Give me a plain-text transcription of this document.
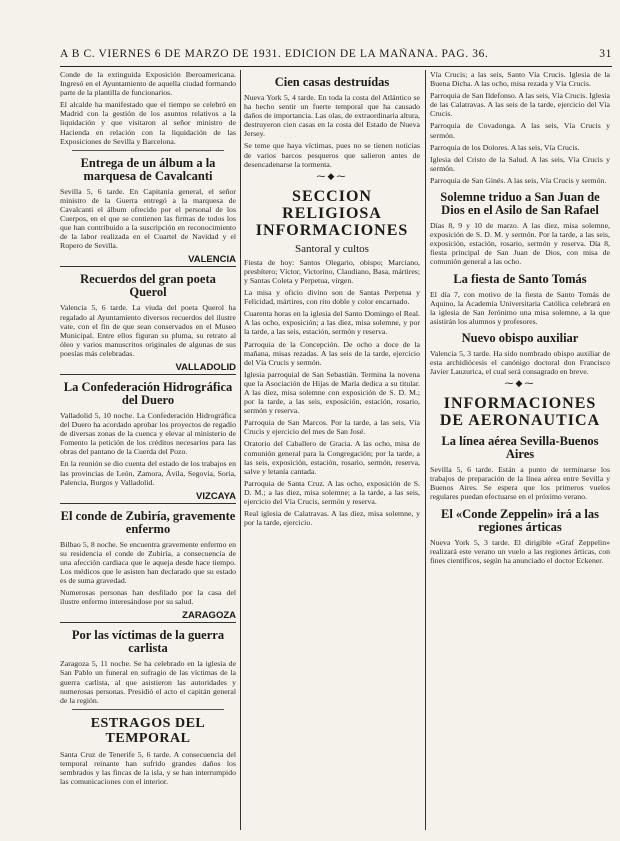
A B C. VIERNES 6 DE MARZO DE 1931. EDICION DE LA MAÑANA. PAG. 36.	31

Conde de la extinguida Exposición Iberoamericana. Ingresó en el Ayuntamiento de aquella ciudad formando parte de la plantilla de funcionarios.

El alcalde ha manifestado que el tiempo se celebró en Madrid con la gestión de los asuntos relativos a la liquidación y que visitaron al señor ministro de Hacienda en relación con la liquidación de las Exposiciones de Sevilla y Barcelona.

Entrega de un álbum a la marquesa de Cavalcanti

Sevilla 5, 6 tarde. En Capitanía general, el señor ministro de la Guerra entregó a la marquesa de Cavalcanti el álbum ofrecido por el personal de los Cuerpos, en el que se contienen las firmas de todos los que han contribuido a la suscripción en reconocimiento de la labor realizada en el Cuartel de Navidad y el Ropero de Sevilla.

VALENCIA
Recuerdos del gran poeta Querol

Valencia 5, 6 tarde. La viuda del poeta Querol ha regalado al Ayuntamiento diversos recuerdos del ilustre vate, con el fin de que sean conservados en el Museo Municipal. Entre ellos figuran su pluma, su retrato al óleo y varios manuscritos originales de algunas de sus poesías más celebradas.

VALLADOLID
La Confederación Hidrográfica del Duero

Valladolid 5, 10 noche. La Confederación Hidrográfica del Duero ha acordado aprobar los proyectos de regadío de diversas zonas de la cuenca y elevar al ministerio de Fomento la petición de los créditos necesarios para las obras del pantano de la Cuerda del Pozo.

En la reunión se dio cuenta del estado de los trabajos en las provincias de León, Zamora, Ávila, Segovia, Soria, Palencia, Burgos y Valladolid.

VIZCAYA
El conde de Zubiría, gravemente enfermo

Bilbao 5, 8 noche. Se encuentra gravemente enfermo en su residencia el conde de Zubiría, a consecuencia de una afección cardiaca que le aqueja desde hace tiempo. Los médicos que le asisten han declarado que su estado es de suma gravedad.

Numerosas personas han desfilado por la casa del ilustre enfermo interesándose por su salud.

ZARAGOZA
Por las víctimas de la guerra carlista

Zaragoza 5, 11 noche. Se ha celebrado en la iglesia de San Pablo un funeral en sufragio de las víctimas de la guerra carlista, al que asistieron las autoridades y numerosas personas. Presidió el acto el capitán general de la región.

ESTRAGOS DEL TEMPORAL

Santa Cruz de Tenerife 5, 6 tarde. A consecuencia del temporal reinante han sufrido grandes daños los sembrados y las fincas de la isla, y se han interrumpido las comunicaciones con el interior.

Cien casas destruídas

Nueva York 5, 4 tarde. En toda la costa del Atlántico se ha hecho sentir un fuerte temporal que ha causado daños de importancia. Las olas, de extraordinaria altura, destruyeron cien casas en la costa del Estado de Nueva Jersey.

Se teme que haya víctimas, pues no se tienen noticias de varios barcos pesqueros que salieron antes de desencadenarse la tormenta.

⁓◆⁓
SECCION RELIGIOSA INFORMACIONES
Santoral y cultos

Fiesta de hoy: Santos Olegario, obispo; Marciano, presbítero; Víctor, Victorino, Claudiano, Basa, mártires; y Santas Coleta y Perpetua, virgen.

La misa y oficio divino son de Santas Perpetua y Felicidad, mártires, con rito doble y color encarnado.

Cuarenta horas en la iglesia del Santo Domingo el Real. A las ocho, exposición; a las diez, misa solemne, y por la tarde, a las seis, estación, sermón y reserva.

Parroquia de la Concepción. De ocho a doce de la mañana, misas rezadas. A las seis de la tarde, ejercicio del Vía Crucis y sermón.

Iglesia parroquial de San Sebastián. Termina la novena que la Asociación de Hijas de María dedica a su titular. A las diez, misa solemne con exposición de S. D. M.; por la tarde, a las seis, exposición, estación, rosario, sermón y reserva.

Parroquia de San Marcos. Por la tarde, a las seis, Vía Crucis y ejercicio del mes de San José.

Oratorio del Caballero de Gracia. A las ocho, misa de comunión general para la Congregación; por la tarde, a las seis, exposición, estación, rosario, sermón, reserva, salve y letanía cantada.

Parroquia de Santa Cruz. A las ocho, exposición de S. D. M.; a las diez, misa solemne; a la tarde, a las seis, ejercicio del Vía Crucis, sermón y reserva.

Real iglesia de Calatravas. A las diez, misa solemne, y por la tarde, ejercicio.

Vía Crucis; a las seis, Santo Vía Crucis. Iglesia de la Buena Dicha. A las ocho, misa rezada y Vía Crucis.

Parroquia de San Ildefonso. A las seis, Vía Crucis. Iglesia de las Calatravas. A las seis de la tarde, ejercicio del Vía Crucis.

Parroquia de Covadonga. A las seis, Vía Crucis y sermón.

Parroquia de los Dolores. A las seis, Vía Crucis.

Iglesia del Cristo de la Salud. A las seis, Vía Crucis y sermón.

Parroquia de San Ginés. A las seis, Vía Crucis y sermón.

Solemne triduo a San Juan de Dios en el Asilo de San Rafael

Días 8, 9 y 10 de marzo. A las diez, misa solemne, exposición de S. D. M. y sermón. Por la tarde, a las seis, exposición, estación, rosario, sermón y reserva. Día 8, fiesta principal de San Juan de Dios, con misa de comunión general a las ocho.

La fiesta de Santo Tomás

El día 7, con motivo de la fiesta de Santo Tomás de Aquino, la Academia Universitaria Católica celebrará en la iglesia de San Jerónimo una misa solemne, a la que asistirán los alumnos y profesores.

Nuevo obispo auxiliar

Valencia 5, 3 tarde. Ha sido nombrado obispo auxiliar de esta archidiócesis el canónigo doctoral don Francisco Javier Lauzurica, el cual será consagrado en breve.

⁓◆⁓
INFORMACIONES DE AERONAUTICA
La línea aérea Sevilla-Buenos Aires

Sevilla 5, 6 tarde. Están a punto de terminarse los trabajos de preparación de la línea aérea entre Sevilla y Buenos Aires. Se espera que los primeros vuelos regulares puedan efectuarse en el próximo verano.

El «Conde Zeppelin» irá a las regiones árticas

Nueva York 5, 3 tarde. El dirigible «Graf Zeppelin» realizará este verano un vuelo a las regiones árticas, con fines científicos, según ha anunciado el doctor Eckener.
